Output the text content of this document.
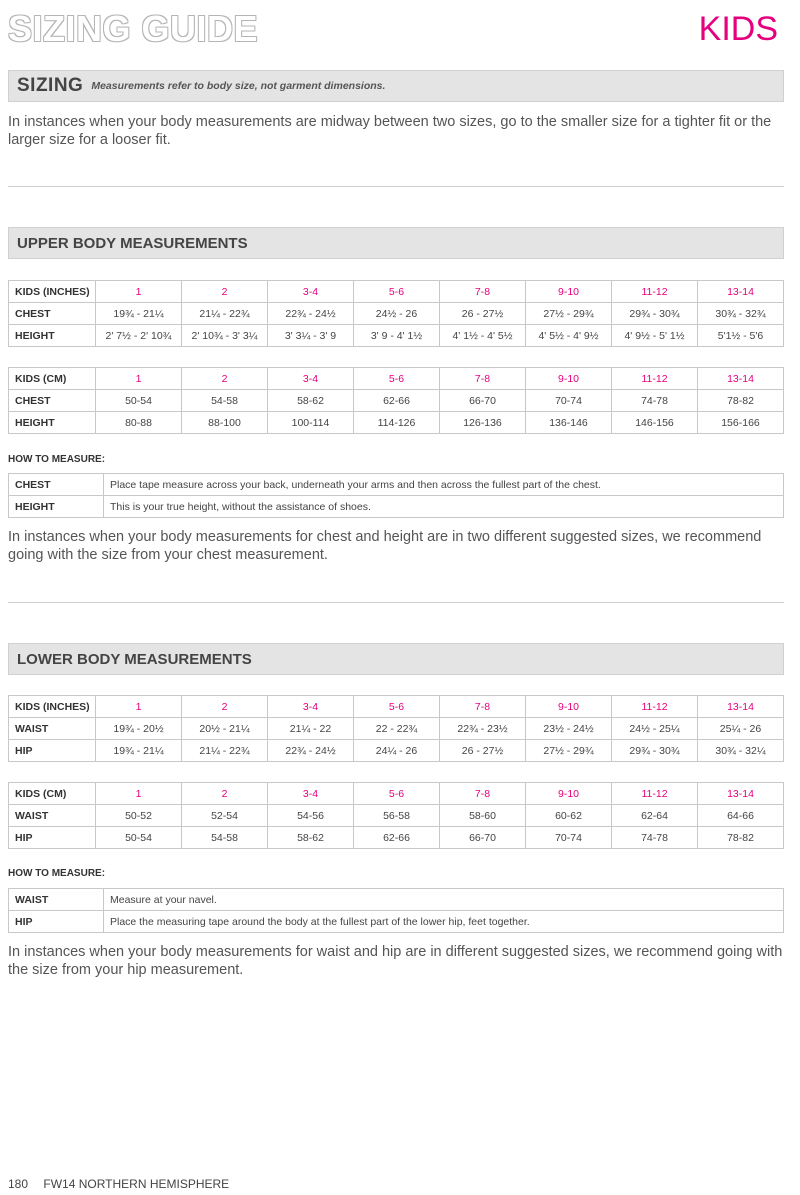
SIZING GUIDE	KIDS
SIZING Measurements refer to body size, not garment dimensions.
In instances when your body measurements are midway between two sizes, go to the smaller size for a tighter fit or the larger size for a looser fit.
UPPER BODY MEASUREMENTS
KIDS (INCHES)	1	2	3-4	5-6	7-8	9-10	11-12	13-14
CHEST	19¾ - 21¼	21¼ - 22¾	22¾ - 24½	24½ - 26	26 - 27½	27½ - 29¾	29¾ - 30¾	30¾ - 32¾
HEIGHT	2' 7½ - 2' 10¾	2' 10¾ - 3' 3¼	3' 3¼ - 3' 9	3' 9 - 4' 1½	4' 1½ - 4' 5½	4' 5½ - 4' 9½	4' 9½ - 5' 1½	5'1½ - 5'6
KIDS (CM)	1	2	3-4	5-6	7-8	9-10	11-12	13-14
CHEST	50-54	54-58	58-62	62-66	66-70	70-74	74-78	78-82
HEIGHT	80-88	88-100	100-114	114-126	126-136	136-146	146-156	156-166
HOW TO MEASURE:
CHEST	Place tape measure across your back, underneath your arms and then across the fullest part of the chest.
HEIGHT	This is your true height, without the assistance of shoes.
In instances when your body measurements for chest and height are in two different suggested sizes, we recommend going with the size from your chest measurement.
LOWER BODY MEASUREMENTS
KIDS (INCHES)	1	2	3-4	5-6	7-8	9-10	11-12	13-14
WAIST	19¾ - 20½	20½ - 21¼	21¼ - 22	22 - 22¾	22¾ - 23½	23½ - 24½	24½ - 25¼	25¼ - 26
HIP	19¾ - 21¼	21¼ - 22¾	22¾ - 24½	24¼ - 26	26 - 27½	27½ - 29¾	29¾ - 30¾	30¾ - 32¼
KIDS (CM)	1	2	3-4	5-6	7-8	9-10	11-12	13-14
WAIST	50-52	52-54	54-56	56-58	58-60	60-62	62-64	64-66
HIP	50-54	54-58	58-62	62-66	66-70	70-74	74-78	78-82
HOW TO MEASURE:
WAIST	Measure at your navel.
HIP	Place the measuring tape around the body at the fullest part of the lower hip, feet together.
In instances when your body measurements for waist and hip are in different suggested sizes, we recommend going with the size from your hip measurement.
180 FW14 NORTHERN HEMISPHERE
